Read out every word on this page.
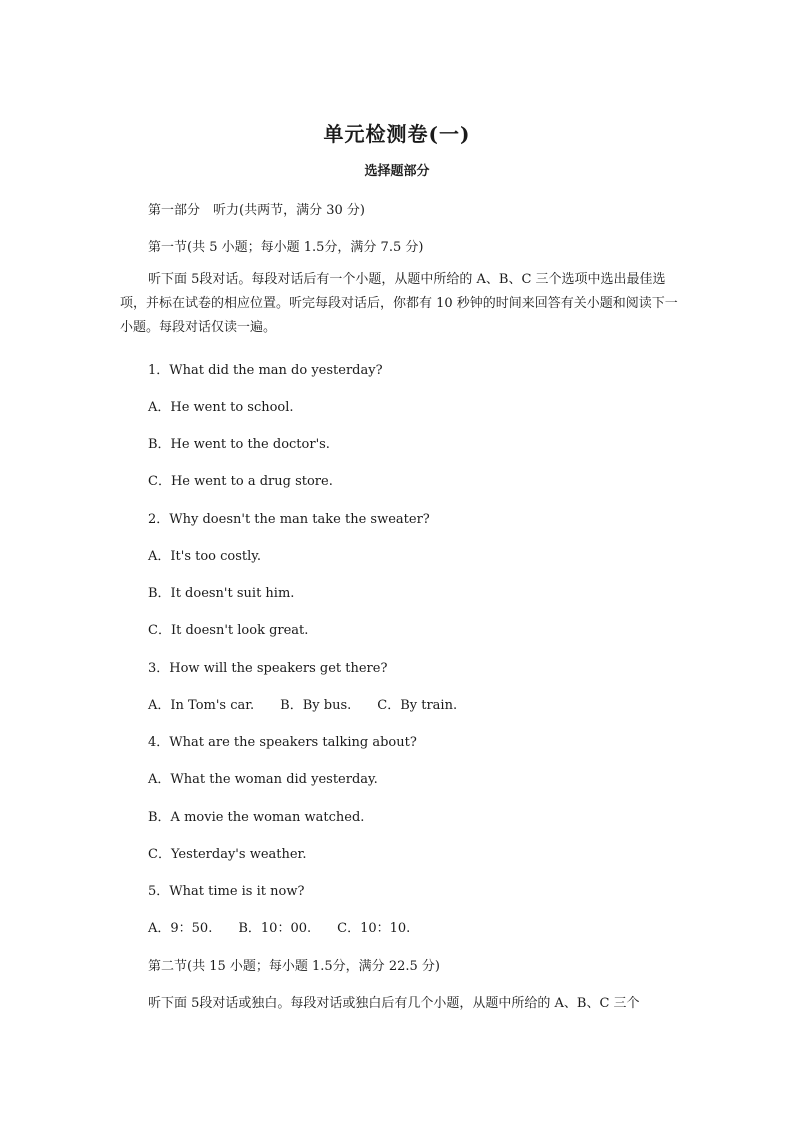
单元检测卷(一)
选择题部分
第一部分　听力(共两节，满分 30 分)
第一节(共 5 小题；每小题 1.5分，满分 7.5 分)

听下面 5段对话。每段对话后有一个小题，从题中所给的 A、B、C 三个选项中选出最佳选项，并标在试卷的相应位置。听完每段对话后，你都有 10 秒钟的时间来回答有关小题和阅读下一小题。每段对话仅读一遍。

1．What did the man do yesterday?
A．He went to school.
B．He went to the doctor's.
C．He went to a drug store.
2．Why doesn't the man take the sweater?
A．It's too costly.
B．It doesn't suit him.
C．It doesn't look great.
3．How will the speakers get there?
A．In Tom's car. B．By bus. C．By train.
4．What are the speakers talking about?
A．What the woman did yesterday.
B．A movie the woman watched.
C．Yesterday's weather.
5．What time is it now?
A．9：50. B．10：00. C．10：10.
第二节(共 15 小题；每小题 1.5分，满分 22.5 分)
听下面 5段对话或独白。每段对话或独白后有几个小题，从题中所给的 A、B、C 三个
